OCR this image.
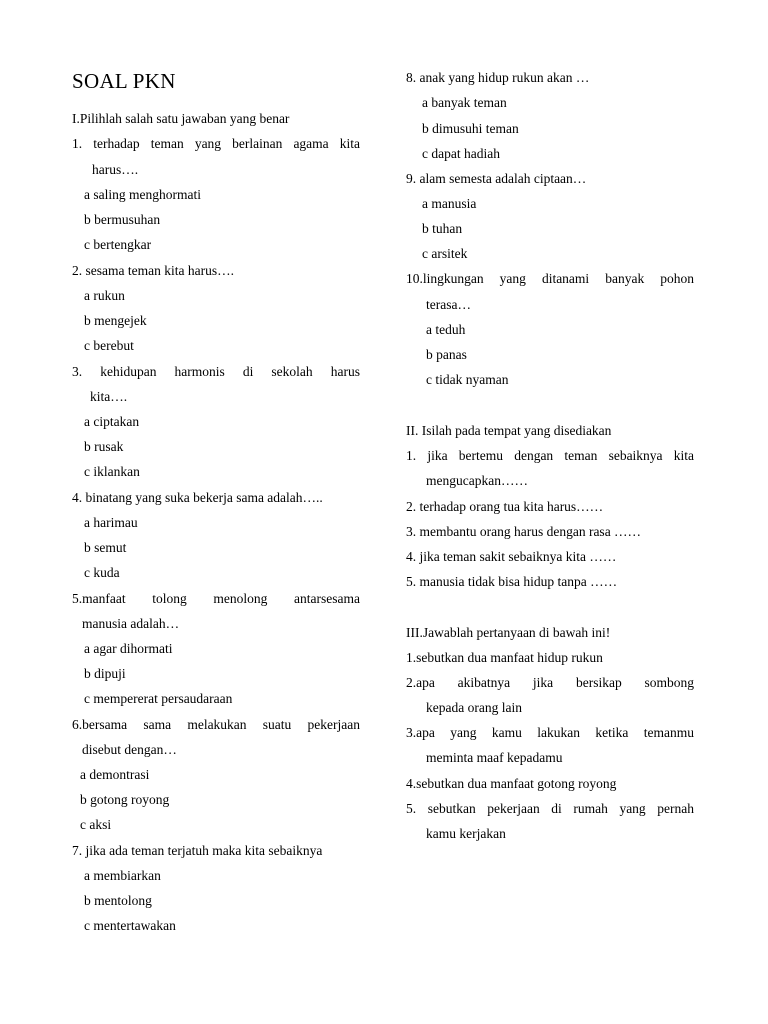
SOAL PKN
I.Pilihlah salah satu jawaban yang benar
1. terhadap teman yang berlainan agama kita
harus….
a saling menghormati
b bermusuhan
c bertengkar
2. sesama teman kita harus….
a rukun
b mengejek
c berebut
3. kehidupan harmonis di sekolah harus
kita….
a ciptakan
b rusak
c iklankan
4. binatang yang suka bekerja sama adalah…..
a harimau
b semut
c kuda
5.manfaat tolong menolong antarsesama
manusia adalah…
a agar dihormati
b dipuji
c mempererat persaudaraan
6.bersama sama melakukan suatu pekerjaan
disebut dengan…
a demontrasi
b gotong royong
c aksi
7. jika ada teman terjatuh maka kita sebaiknya
a membiarkan
b mentolong
c mentertawakan
8. anak yang hidup rukun akan …
a banyak teman
b dimusuhi teman
c dapat hadiah
9. alam semesta adalah ciptaan…
a manusia
b tuhan
c arsitek
10.lingkungan yang ditanami banyak pohon
terasa…
a teduh
b panas
c tidak nyaman
II. Isilah pada tempat yang disediakan
1. jika bertemu dengan teman sebaiknya kita
mengucapkan……
2. terhadap orang tua kita harus……
3. membantu orang harus dengan rasa ……
4. jika teman sakit sebaiknya kita ……
5. manusia tidak bisa hidup tanpa ……
III.Jawablah pertanyaan di bawah ini!
1.sebutkan dua manfaat hidup rukun
2.apa akibatnya jika bersikap sombong
kepada orang lain
3.apa yang kamu lakukan ketika temanmu
meminta maaf kepadamu
4.sebutkan dua manfaat gotong royong
5. sebutkan pekerjaan di rumah yang pernah
kamu kerjakan
